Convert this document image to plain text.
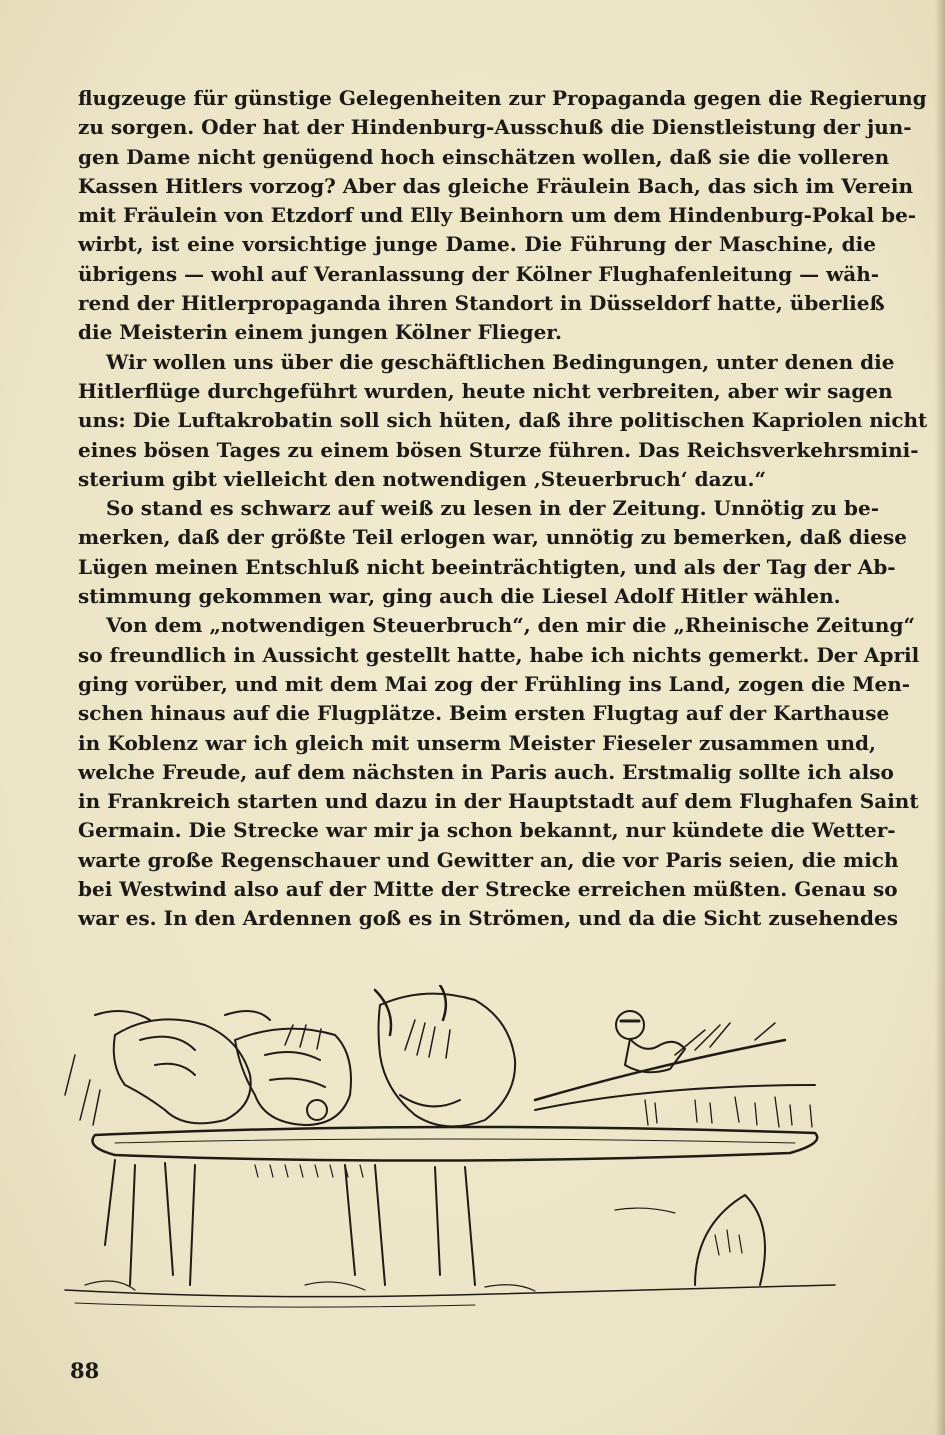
flugzeuge für günstige Gelegenheiten zur Propaganda gegen die Regierung
zu sorgen. Oder hat der Hindenburg-Ausschuß die Dienstleistung der jun-
gen Dame nicht genügend hoch einschätzen wollen, daß sie die volleren
Kassen Hitlers vorzog? Aber das gleiche Fräulein Bach, das sich im Verein
mit Fräulein von Etzdorf und Elly Beinhorn um dem Hindenburg-Pokal be-
wirbt, ist eine vorsichtige junge Dame. Die Führung der Maschine, die
übrigens — wohl auf Veranlassung der Kölner Flughafenleitung — wäh-
rend der Hitlerpropaganda ihren Standort in Düsseldorf hatte, überließ
die Meisterin einem jungen Kölner Flieger.
Wir wollen uns über die geschäftlichen Bedingungen, unter denen die
Hitlerflüge durchgeführt wurden, heute nicht verbreiten, aber wir sagen
uns: Die Luftakrobatin soll sich hüten, daß ihre politischen Kapriolen nicht
eines bösen Tages zu einem bösen Sturze führen. Das Reichsverkehrsmini-
sterium gibt vielleicht den notwendigen ‚Steuerbruch‘ dazu.“
So stand es schwarz auf weiß zu lesen in der Zeitung. Unnötig zu be-
merken, daß der größte Teil erlogen war, unnötig zu bemerken, daß diese
Lügen meinen Entschluß nicht beeinträchtigten, und als der Tag der Ab-
stimmung gekommen war, ging auch die Liesel Adolf Hitler wählen.
Von dem „notwendigen Steuerbruch“, den mir die „Rheinische Zeitung“
so freundlich in Aussicht gestellt hatte, habe ich nichts gemerkt. Der April
ging vorüber, und mit dem Mai zog der Frühling ins Land, zogen die Men-
schen hinaus auf die Flugplätze. Beim ersten Flugtag auf der Karthause
in Koblenz war ich gleich mit unserm Meister Fieseler zusammen und,
welche Freude, auf dem nächsten in Paris auch. Erstmalig sollte ich also
in Frankreich starten und dazu in der Hauptstadt auf dem Flughafen Saint
Germain. Die Strecke war mir ja schon bekannt, nur kündete die Wetter-
warte große Regenschauer und Gewitter an, die vor Paris seien, die mich
bei Westwind also auf der Mitte der Strecke erreichen müßten. Genau so
war es. In den Ardennen goß es in Strömen, und da die Sicht zusehendes
88
